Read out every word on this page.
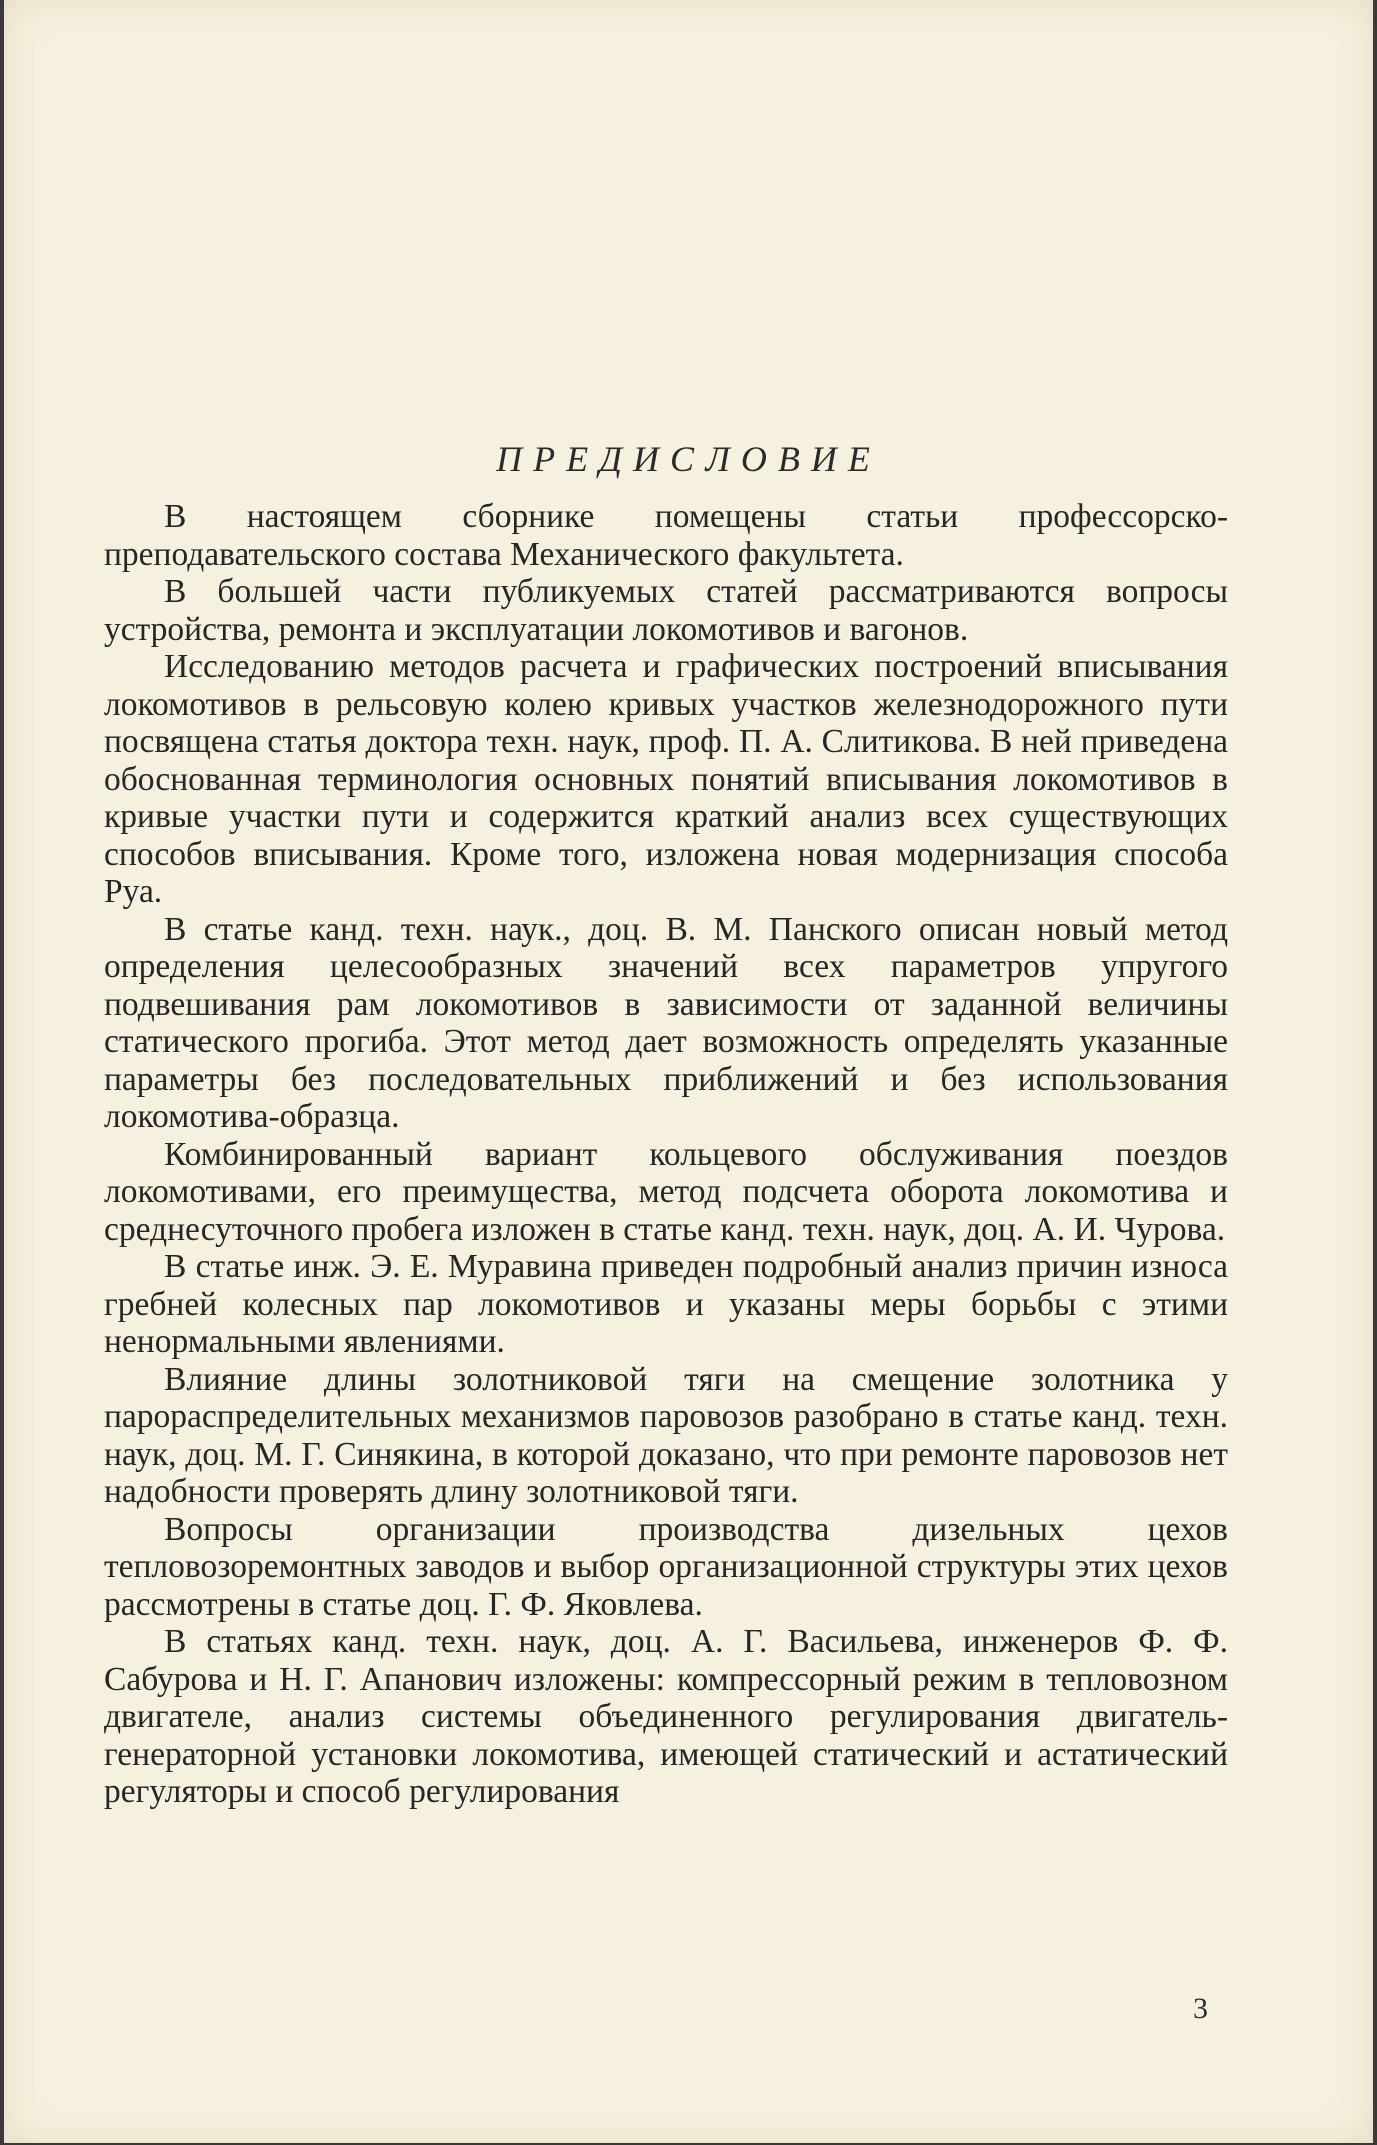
ПРЕДИСЛОВИЕ

В настоящем сборнике помещены статьи профессорско-преподавательского состава Механического факультета.

В большей части публикуемых статей рассматриваются вопросы устройства, ремонта и эксплуатации локомотивов и вагонов.

Исследованию методов расчета и графических построений вписывания локомотивов в рельсовую колею кривых участков железнодорожного пути посвящена статья доктора техн. наук, проф. П. А. Слитикова. В ней приведена обоснованная терминология основных понятий вписывания локомотивов в кривые участки пути и содержится краткий анализ всех существующих способов вписывания. Кроме того, изложена новая модернизация способа Руа.

В статье канд. техн. наук., доц. В. М. Панского описан новый метод определения целесообразных значений всех параметров упругого подвешивания рам локомотивов в зависимости от заданной величины статического прогиба. Этот метод дает возможность определять указанные параметры без последовательных приближений и без использования локомотива-образца.

Комбинированный вариант кольцевого обслуживания поездов локомотивами, его преимущества, метод подсчета оборота локомотива и среднесуточного пробега изложен в статье канд. техн. наук, доц. А. И. Чурова.

В статье инж. Э. Е. Муравина приведен подробный анализ причин износа гребней колесных пар локомотивов и указаны меры борьбы с этими ненормальными явлениями.

Влияние длины золотниковой тяги на смещение золотника у парораспределительных механизмов паровозов разобрано в статье канд. техн. наук, доц. М. Г. Синякина, в которой доказано, что при ремонте паровозов нет надобности проверять длину золотниковой тяги.

Вопросы организации производства дизельных цехов тепловозоремонтных заводов и выбор организационной структуры этих цехов рассмотрены в статье доц. Г. Ф. Яковлева.

В статьях канд. техн. наук, доц. А. Г. Васильева, инженеров Ф. Ф. Сабурова и Н. Г. Апанович изложены: компрессорный режим в тепловозном двигателе, анализ системы объединенного регулирования двигатель-генераторной установки локомотива, имеющей статический и астатический регуляторы и способ регулирования

3
